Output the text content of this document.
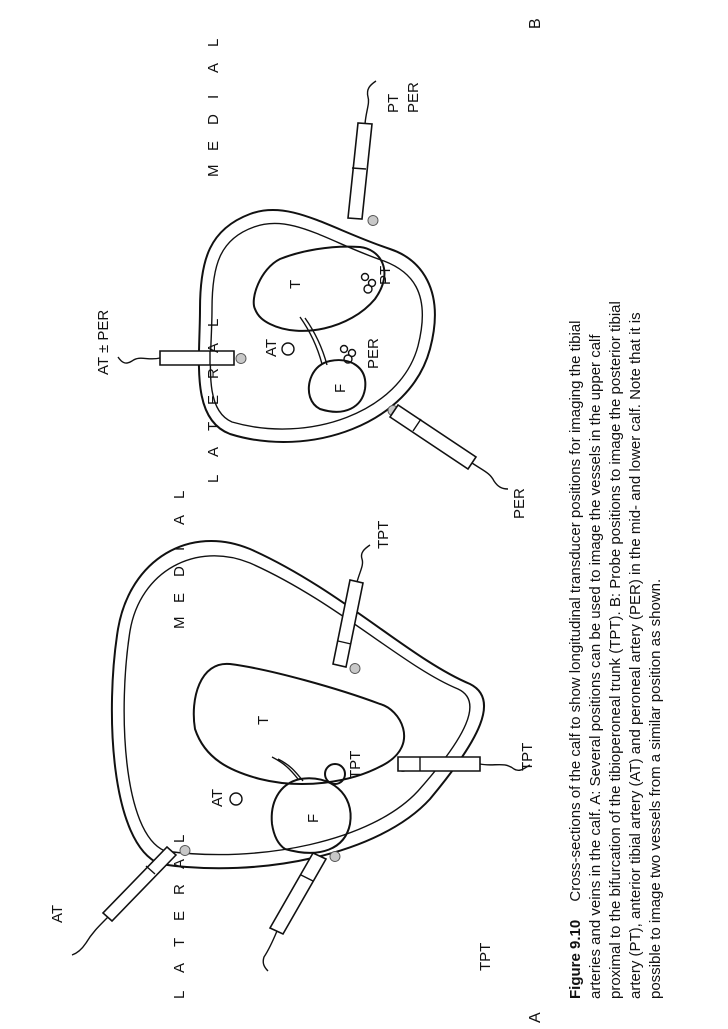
A
B
T
F
AT
TPT
AT
TPT
TPT
TPT
T
F
AT	PER
PT
AT ± PER
PER
PT PER
L
A
T
E
R
A
L
M
E
D
I
A
L
L
A
T
E
R
A
L
M
E
D
I
A
L
Figure 9.10 Cross-sections of the calf to show longitudinal transducer positions for imaging the tibial arteries and veins in the calf. A: Several positions can be used to image the vessels in the upper calf proximal to the bifurcation of the tibioperoneal trunk (TPT). B: Probe positions to image the posterior tibial artery (PT), anterior tibial artery (AT) and peroneal artery (PER) in the mid- and lower calf. Note that it is possible to image two vessels from a similar position as shown.
